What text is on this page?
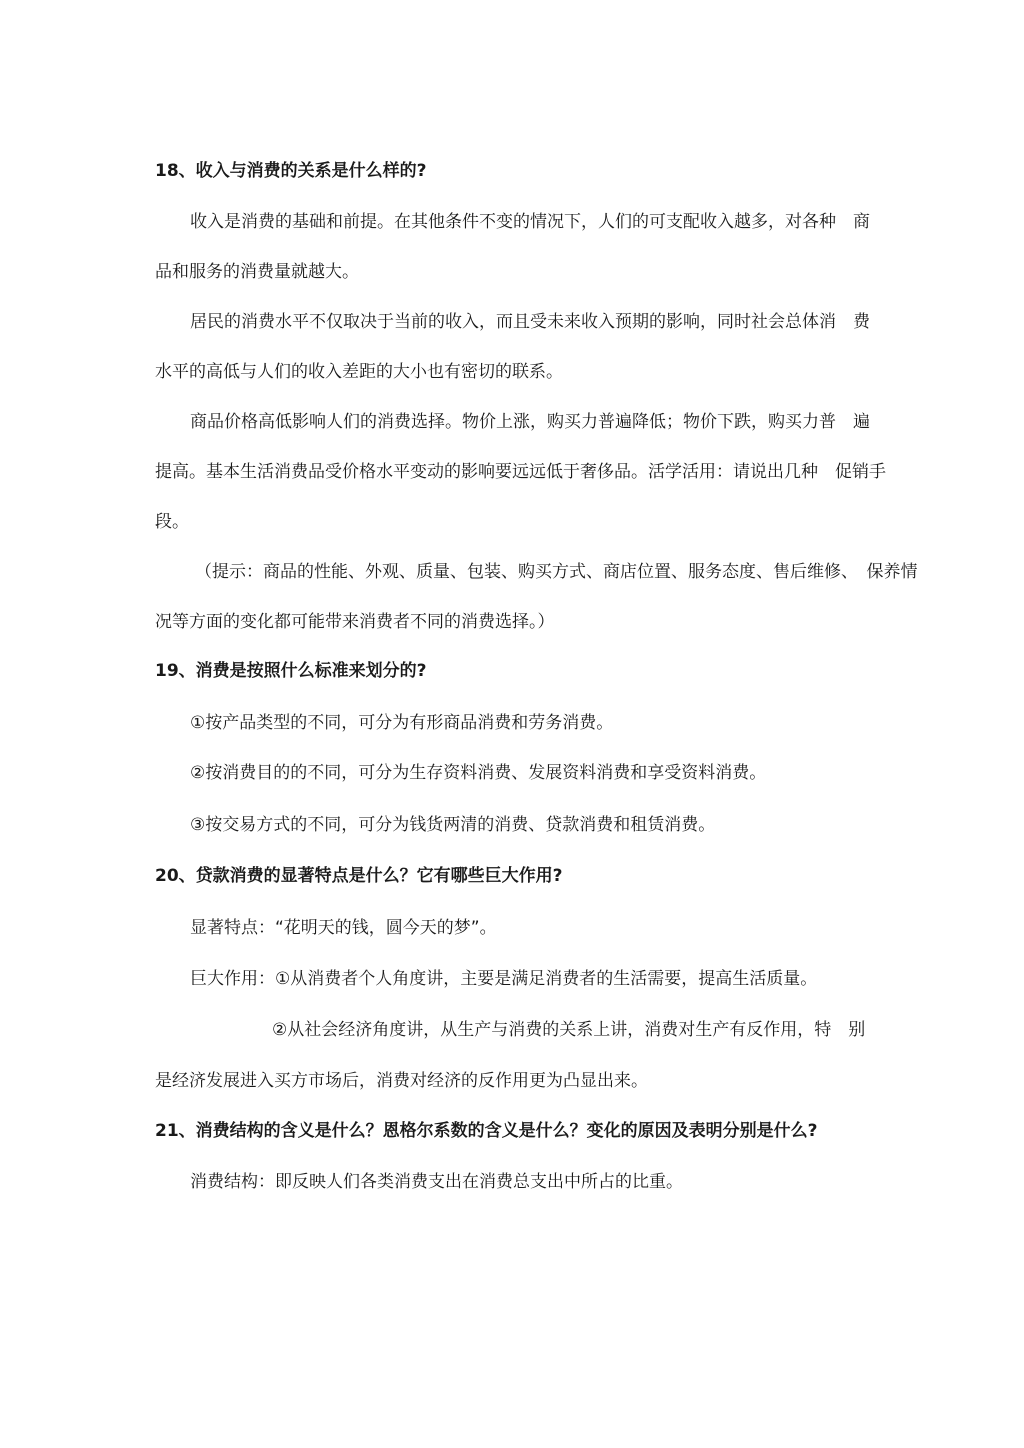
18、收入与消费的关系是什么样的?
收入是消费的基础和前提。在其他条件不变的情况下，人们的可支配收入越多，对各种　商
品和服务的消费量就越大。
居民的消费水平不仅取决于当前的收入，而且受未来收入预期的影响，同时社会总体消　费
水平的高低与人们的收入差距的大小也有密切的联系。
商品价格高低影响人们的消费选择。物价上涨，购买力普遍降低；物价下跌，购买力普　遍
提高。基本生活消费品受价格水平变动的影响要远远低于奢侈品。活学活用：请说出几种　促销手
段。
（提示：商品的性能、外观、质量、包装、购买方式、商店位置、服务态度、售后维修、　保养情
况等方面的变化都可能带来消费者不同的消费选择。）
19、消费是按照什么标准来划分的?
①按产品类型的不同，可分为有形商品消费和劳务消费。
②按消费目的的不同，可分为生存资料消费、发展资料消费和享受资料消费。
③按交易方式的不同，可分为钱货两清的消费、贷款消费和租赁消费。
20、贷款消费的显著特点是什么？它有哪些巨大作用?
显著特点：“花明天的钱，圆今天的梦”。
巨大作用：①从消费者个人角度讲，主要是满足消费者的生活需要，提高生活质量。
②从社会经济角度讲，从生产与消费的关系上讲，消费对生产有反作用，特　别
是经济发展进入买方市场后，消费对经济的反作用更为凸显出来。
21、消费结构的含义是什么？恩格尔系数的含义是什么？变化的原因及表明分别是什么?
消费结构：即反映人们各类消费支出在消费总支出中所占的比重。
